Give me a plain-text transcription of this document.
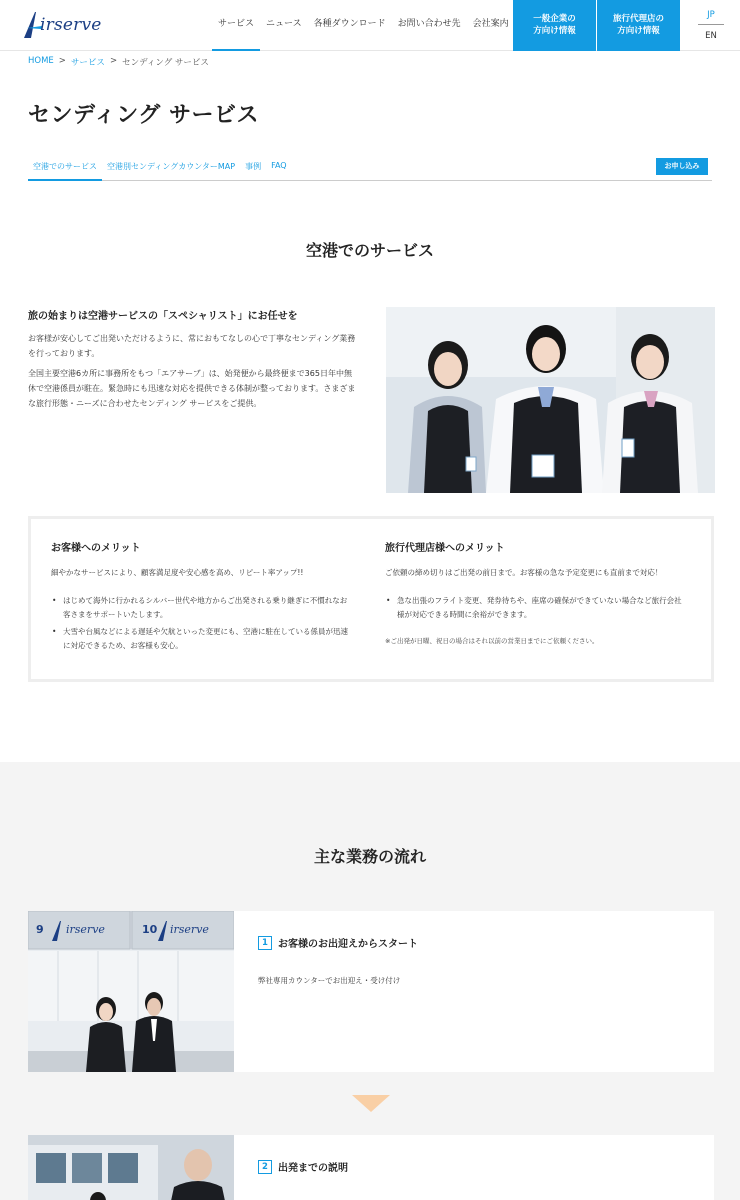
irserve	サービス	ニュース	各種ダウンロード	お問い合わせ先	会社案内	一般企業の
方向け情報
旅行代理店の
方向け情報
JP
EN
HOME > サービス > センディング サービス
センディング サービス
空港でのサービス	空港別センディングカウンターMAP	事例	FAQ	お申し込み
空港でのサービス
旅の始まりは空港サービスの「スペシャリスト」にお任せを

お客様が安心してご出発いただけるように、常におもてなしの心で丁寧なセンディング業務を行っております。

全国主要空港6カ所に事務所をもつ「エアサーブ」は、始発便から最終便まで365日年中無休で空港係員が駐在。緊急時にも迅速な対応を提供できる体制が整っております。さまざまな旅行形態・ニーズに合わせたセンディング サービスをご提供。

お客様へのメリット

細やかなサービスにより、顧客満足度や安心感を高め、リピート率アップ!!

• はじめて海外に行かれるシルバー世代や地方からご出発される乗り継ぎに不慣れなお客さまをサポートいたします。
• 大雪や台風などによる遅延や欠航といった変更にも、空港に駐在している係員が迅速に対応できるため、お客様も安心。
旅行代理店様へのメリット

ご依頼の締め切りはご出発の前日まで。お客様の急な予定変更にも直前まで対応！

• 急な出張のフライト変更、発券待ちや、座席の確保ができていない場合など旅行会社様が対応できる時間に余裕ができます。

※ご出発が日曜、祝日の場合はそれ以前の営業日までにご依頼ください。

主な業務の流れ
9 irserve	10 irserve
1	お客様のお出迎えからスタート

弊社専用カウンターでお出迎え・受け付け

2	出発までの説明
